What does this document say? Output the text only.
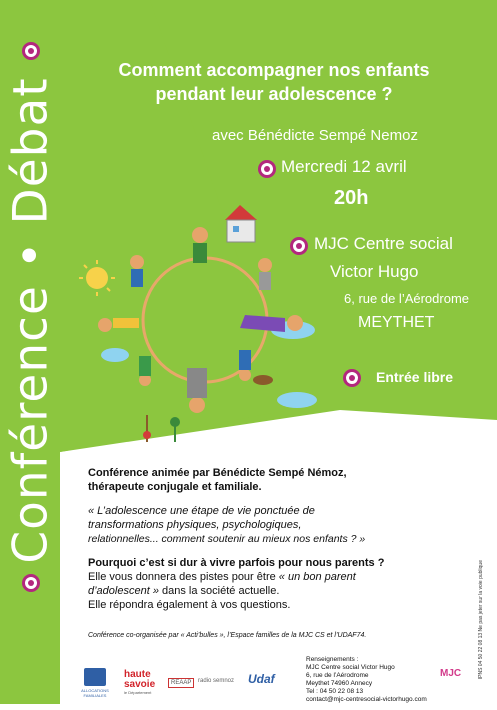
Conférence • Débat
Comment accompagner nos enfants
pendant leur adolescence ?
avec Bénédicte Sempé Nemoz
Mercredi 12 avril
20h
MJC Centre social
Victor Hugo
6, rue de l’Aérodrome
MEYTHET
Entrée libre
Conférence animée par Bénédicte Sempé Némoz,
thérapeute conjugale et familiale.
« L’adolescence une étape de vie ponctuée de
transformations physiques, psychologiques,
relationnelles... comment soutenir au mieux nos enfants ? »
Pourquoi c’est si dur à vivre parfois pour nous parents ?
Elle vous donnera des pistes pour être « un bon parent
d’adolescent » dans la société actuelle.
Elle répondra également à vos questions.
Conférence co-organisée par « Acti’bulles », l’Espace familles de la MJC CS et l’UDAF74.	IPNS 04 50 22 08 13 Ne pas jeter sur la voie publique
ALLOCATIONS FAMILIALES
haute
savoie
le Département
REAAP	radio semnoz Udaf
Renseignements :
MJC Centre social Victor Hugo
6, rue de l’Aérodrome
Meythet 74960 Annecy
Tel : 04 50 22 08 13
contact@mjc-centresocial-victorhugo.com
MJC
